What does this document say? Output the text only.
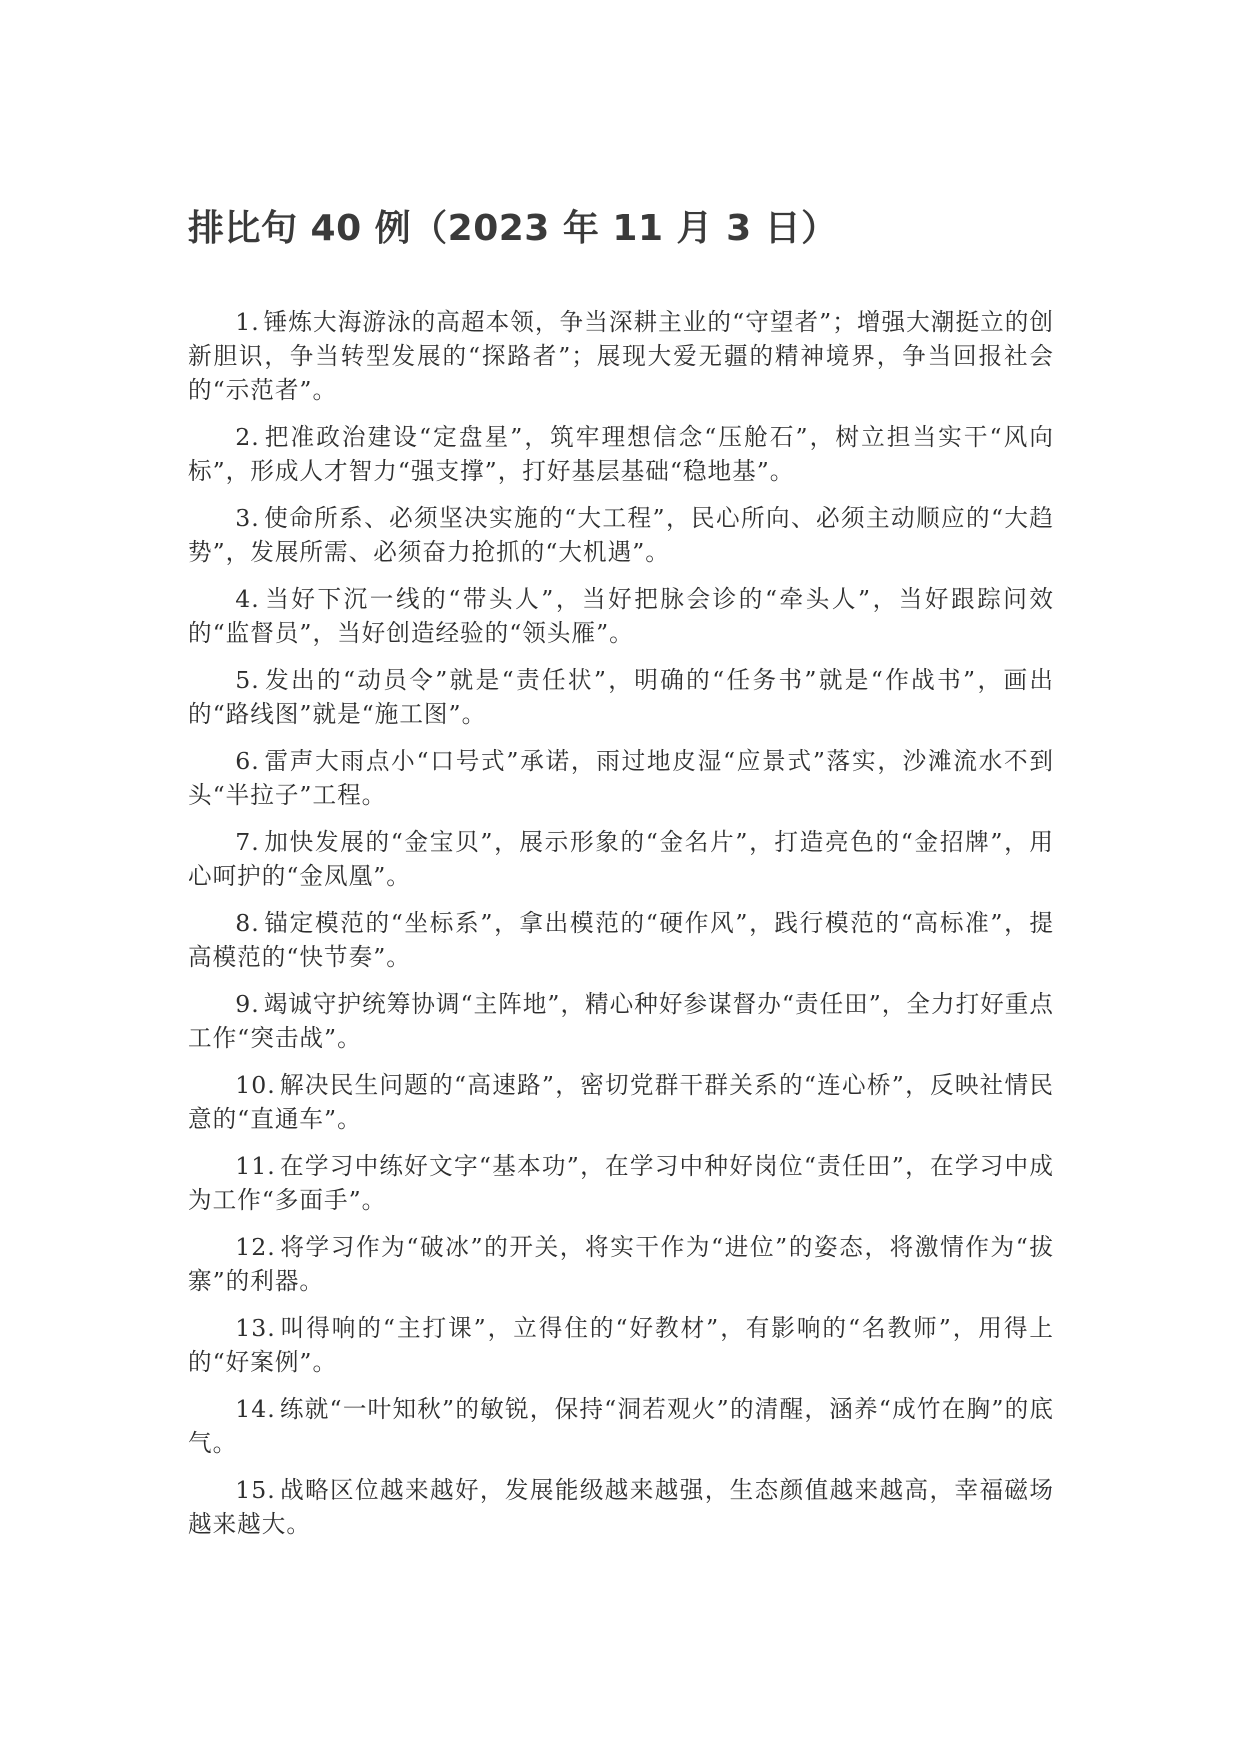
排比句 40 例（2023 年 11 月 3 日）

1. 锤炼大海游泳的高超本领，争当深耕主业的“守望者”；增强大潮挺立的创新胆识，争当转型发展的“探路者”；展现大爱无疆的精神境界，争当回报社会的“示范者”。

2. 把准政治建设“定盘星”，筑牢理想信念“压舱石”，树立担当实干“风向标”，形成人才智力“强支撑”，打好基层基础“稳地基”。

3. 使命所系、必须坚决实施的“大工程”，民心所向、必须主动顺应的“大趋势”，发展所需、必须奋力抢抓的“大机遇”。

4. 当好下沉一线的“带头人”，当好把脉会诊的“牵头人”，当好跟踪问效的“监督员”，当好创造经验的“领头雁”。

5. 发出的“动员令”就是“责任状”，明确的“任务书”就是“作战书”，画出的“路线图”就是“施工图”。

6. 雷声大雨点小“口号式”承诺，雨过地皮湿“应景式”落实，沙滩流水不到头“半拉子”工程。

7. 加快发展的“金宝贝”，展示形象的“金名片”，打造亮色的“金招牌”，用心呵护的“金凤凰”。

8. 锚定模范的“坐标系”，拿出模范的“硬作风”，践行模范的“高标准”，提高模范的“快节奏”。

9. 竭诚守护统筹协调“主阵地”，精心种好参谋督办“责任田”，全力打好重点工作“突击战”。

10. 解决民生问题的“高速路”，密切党群干群关系的“连心桥”，反映社情民意的“直通车”。

11. 在学习中练好文字“基本功”，在学习中种好岗位“责任田”，在学习中成为工作“多面手”。

12. 将学习作为“破冰”的开关，将实干作为“进位”的姿态，将激情作为“拔寨”的利器。

13. 叫得响的“主打课”，立得住的“好教材”，有影响的“名教师”，用得上的“好案例”。

14. 练就“一叶知秋”的敏锐，保持“洞若观火”的清醒，涵养“成竹在胸”的底气。

15. 战略区位越来越好，发展能级越来越强，生态颜值越来越高，幸福磁场越来越大。
